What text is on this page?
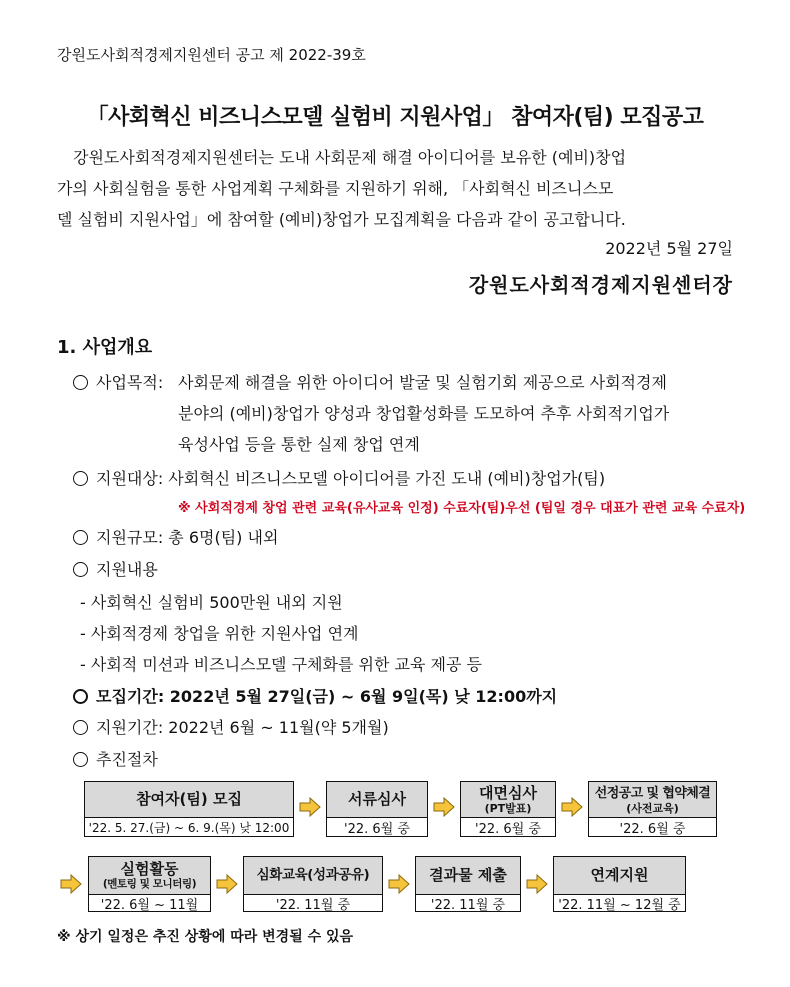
강원도사회적경제지원센터 공고 제 2022-39호
「사회혁신 비즈니스모델 실험비 지원사업」 참여자(팀) 모집공고

강원도사회적경제지원센터는 도내 사회문제 해결 아이디어를 보유한 (예비)창업

가의 사회실험을 통한 사업계획 구체화를 지원하기 위해, 「사회혁신 비즈니스모

델 실험비 지원사업」에 참여할 (예비)창업가 모집계획을 다음과 같이 공고합니다.

2022년 5월 27일
강원도사회적경제지원센터장
1. 사업개요
사업목적: 사회문제 해결을 위한 아이디어 발굴 및 실험기회 제공으로 사회적경제
분야의 (예비)창업가 양성과 창업활성화를 도모하여 추후 사회적기업가
육성사업 등을 통한 실제 창업 연계
지원대상: 사회혁신 비즈니스모델 아이디어를 가진 도내 (예비)창업가(팀)
※ 사회적경제 창업 관련 교육(유사교육 인정) 수료자(팀)우선 (팀일 경우 대표가 관련 교육 수료자)
지원규모: 총 6명(팀) 내외
지원내용
- 사회혁신 실험비 500만원 내외 지원
- 사회적경제 창업을 위한 지원사업 연계
- 사회적 미션과 비즈니스모델 구체화를 위한 교육 제공 등
모집기간: 2022년 5월 27일(금) ~ 6월 9일(목) 낮 12:00까지
지원기간: 2022년 6월 ~ 11월(약 5개월)
추진절차
참여자(팀) 모집
'22. 5. 27.(금) ~ 6. 9.(목) 낮 12:00
서류심사
'22. 6월 중
대면심사
(PT발표)
'22. 6월 중
선정공고 및 협약체결
(사전교육)
'22. 6월 중
실험활동
(멘토링 및 모니터링)
'22. 6월 ~ 11월
심화교육(성과공유)
'22. 11월 중
결과물 제출
'22. 11월 중
연계지원
'22. 11월 ~ 12월 중
※ 상기 일정은 추진 상황에 따라 변경될 수 있음
